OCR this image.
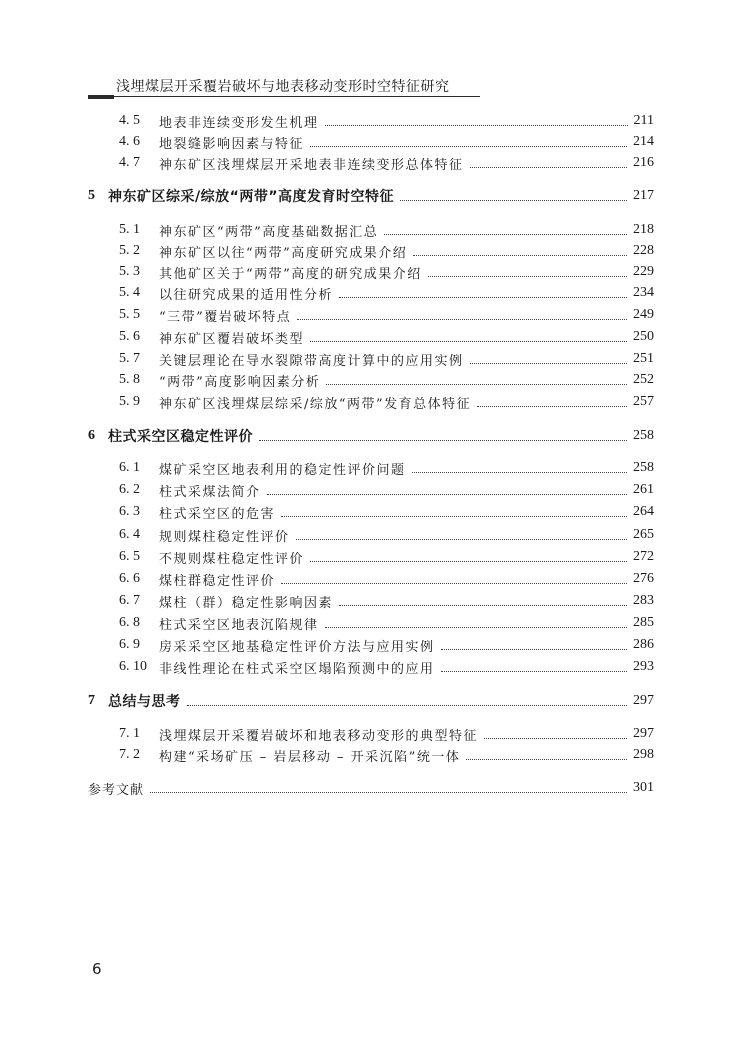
浅埋煤层开采覆岩破坏与地表移动变形时空特征研究
4. 5	地表非连续变形发生机理	211
4. 6	地裂缝影响因素与特征	214
4. 7	神东矿区浅埋煤层开采地表非连续变形总体特征	216
5 神东矿区综采/综放“两带”高度发育时空特征	217
5. 1	神东矿区“两带”高度基础数据汇总	218
5. 2	神东矿区以往“两带”高度研究成果介绍	228
5. 3	其他矿区关于“两带”高度的研究成果介绍	229
5. 4	以往研究成果的适用性分析	234
5. 5	“三带”覆岩破坏特点	249
5. 6	神东矿区覆岩破坏类型	250
5. 7	关键层理论在导水裂隙带高度计算中的应用实例	251
5. 8	“两带”高度影响因素分析	252
5. 9	神东矿区浅埋煤层综采/综放“两带”发育总体特征	257
6 柱式采空区稳定性评价	258
6. 1	煤矿采空区地表利用的稳定性评价问题	258
6. 2	柱式采煤法简介	261
6. 3	柱式采空区的危害	264
6. 4	规则煤柱稳定性评价	265
6. 5	不规则煤柱稳定性评价	272
6. 6	煤柱群稳定性评价	276
6. 7	煤柱（群）稳定性影响因素	283
6. 8	柱式采空区地表沉陷规律	285
6. 9	房采采空区地基稳定性评价方法与应用实例	286
6. 10 非线性理论在柱式采空区塌陷预测中的应用	293
7 总结与思考	297
7. 1	浅埋煤层开采覆岩破坏和地表移动变形的典型特征	297
7. 2	构建“采场矿压 – 岩层移动 – 开采沉陷”统一体	298
参考文献	301
6
